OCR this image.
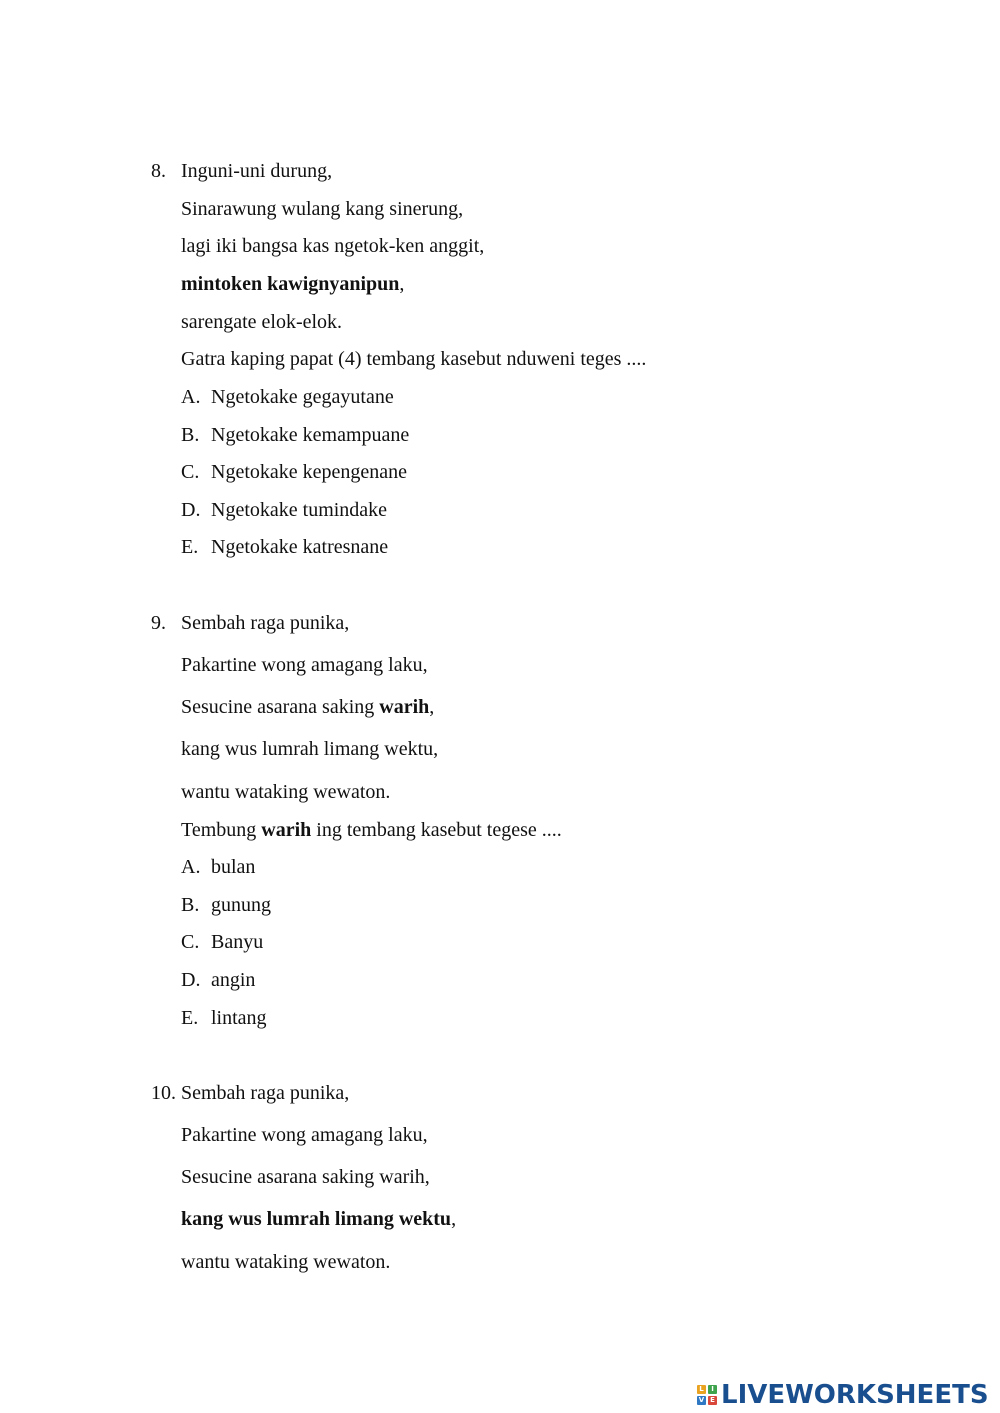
8. Inguni-uni durung,
Sinarawung wulang kang sinerung,
lagi iki bangsa kas ngetok-ken anggit,
mintoken kawignyanipun,
sarengate elok-elok.
Gatra kaping papat (4) tembang kasebut nduweni teges ....
A. Ngetokake gegayutane
B. Ngetokake kemampuane
C. Ngetokake kepengenane
D. Ngetokake tumindake
E. Ngetokake katresnane
9. Sembah raga punika,
Pakartine wong amagang laku,
Sesucine asarana saking warih,
kang wus lumrah limang wektu,
wantu wataking wewaton.
Tembung warih ing tembang kasebut tegese ....
A. bulan
B. gunung
C. Banyu
D. angin
E. lintang
10. Sembah raga punika,
Pakartine wong amagang laku,
Sesucine asarana saking warih,
kang wus lumrah limang wektu,
wantu wataking wewaton.
L	I
V E LIVEWORKSHEETS
